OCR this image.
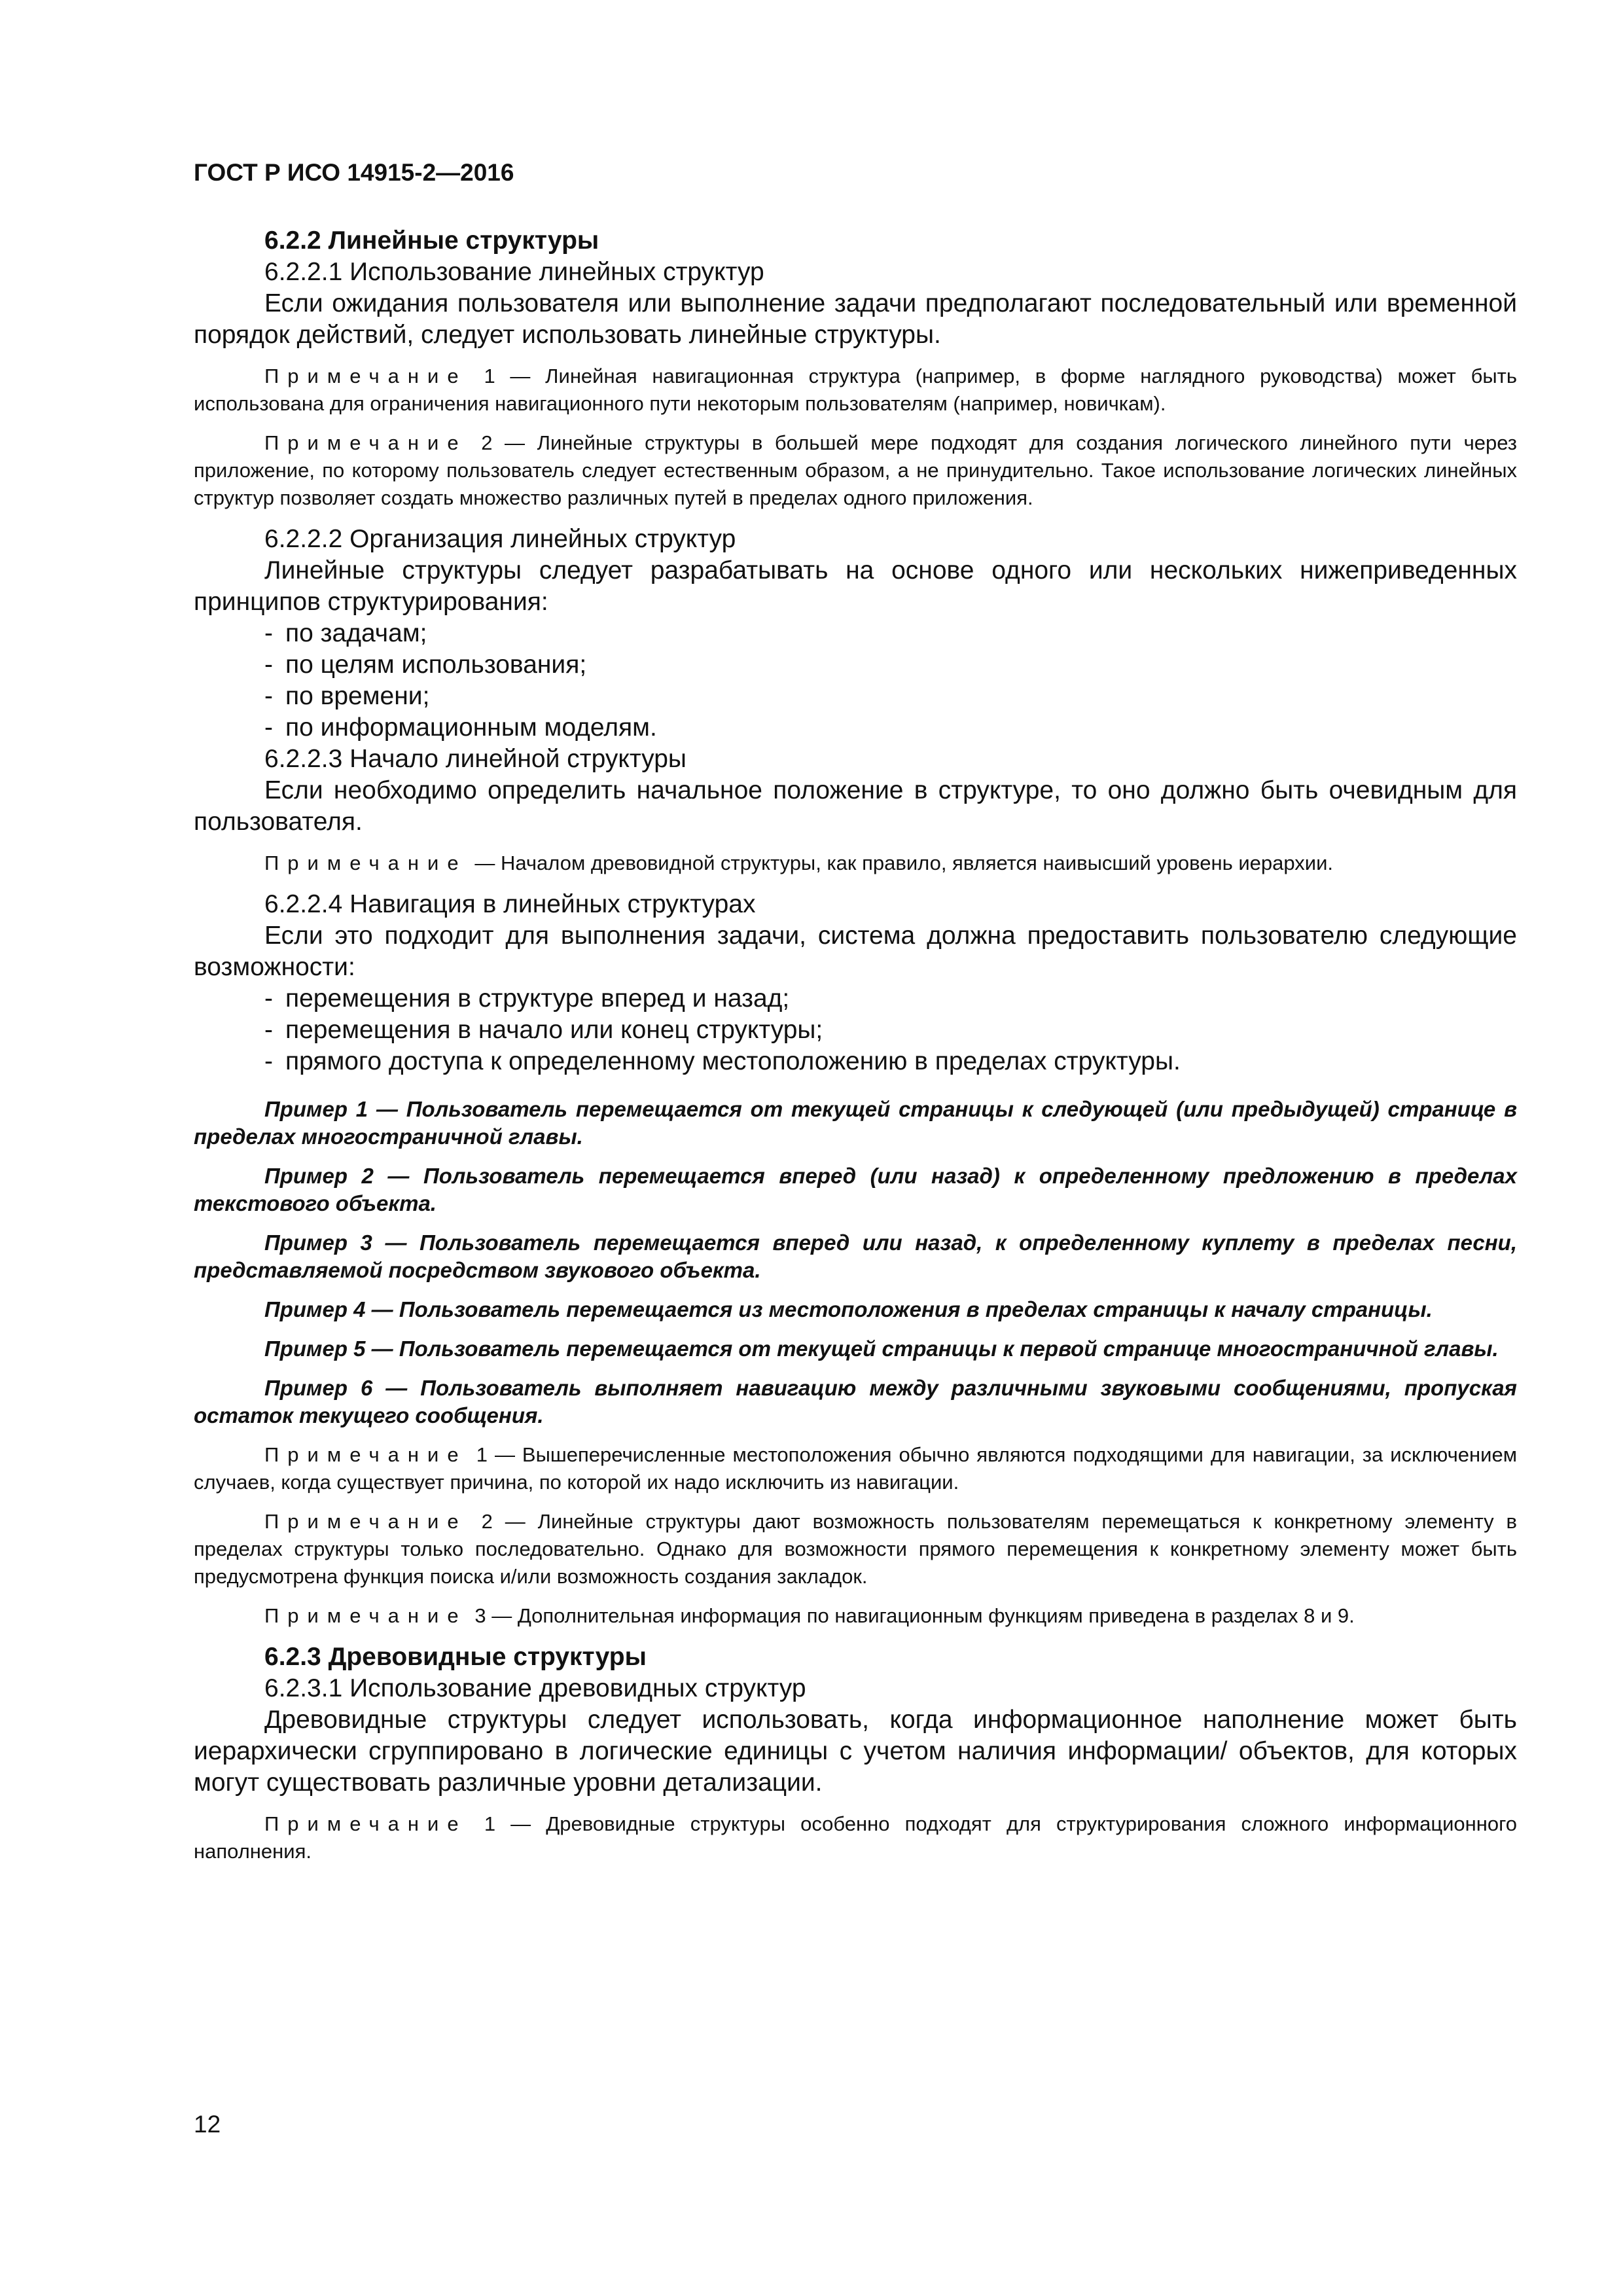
ГОСТ Р ИСО 14915-2—2016
6.2.2 Линейные структуры
6.2.2.1 Использование линейных структур
Если ожидания пользователя или выполнение задачи предполагают последовательный или временной порядок действий, следует использовать линейные структуры.
Примечание 1 — Линейная навигационная структура (например, в форме наглядного руководства) может быть использована для ограничения навигационного пути некоторым пользователям (например, новичкам).
Примечание 2 — Линейные структуры в большей мере подходят для создания логического линейного пути через приложение, по которому пользователь следует естественным образом, а не принудительно. Такое использование логических линейных структур позволяет создать множество различных путей в пределах одного приложения.
6.2.2.2 Организация линейных структур
Линейные структуры следует разрабатывать на основе одного или нескольких нижеприведенных принципов структурирования:
- по задачам;
- по целям использования;
- по времени;
- по информационным моделям.
6.2.2.3 Начало линейной структуры
Если необходимо определить начальное положение в структуре, то оно должно быть очевидным для пользователя.
Примечание — Началом древовидной структуры, как правило, является наивысший уровень иерархии.
6.2.2.4 Навигация в линейных структурах
Если это подходит для выполнения задачи, система должна предоставить пользователю следующие возможности:
- перемещения в структуре вперед и назад;
- перемещения в начало или конец структуры;
- прямого доступа к определенному местоположению в пределах структуры.
Пример 1 — Пользователь перемещается от текущей страницы к следующей (или предыдущей) странице в пределах многостраничной главы.
Пример 2 — Пользователь перемещается вперед (или назад) к определенному предложению в пределах текстового объекта.
Пример 3 — Пользователь перемещается вперед или назад, к определенному куплету в пределах песни, представляемой посредством звукового объекта.
Пример 4 — Пользователь перемещается из местоположения в пределах страницы к началу страницы.
Пример 5 — Пользователь перемещается от текущей страницы к первой странице многостраничной главы.
Пример 6 — Пользователь выполняет навигацию между различными звуковыми сообщениями, пропуская остаток текущего сообщения.
Примечание 1 — Вышеперечисленные местоположения обычно являются подходящими для навигации, за исключением случаев, когда существует причина, по которой их надо исключить из навигации.
Примечание 2 — Линейные структуры дают возможность пользователям перемещаться к конкретному элементу в пределах структуры только последовательно. Однако для возможности прямого перемещения к конкретному элементу может быть предусмотрена функция поиска и/или возможность создания закладок.
Примечание 3 — Дополнительная информация по навигационным функциям приведена в разделах 8 и 9.
6.2.3 Древовидные структуры
6.2.3.1 Использование древовидных структур
Древовидные структуры следует использовать, когда информационное наполнение может быть иерархически сгруппировано в логические единицы с учетом наличия информации/ объектов, для которых могут существовать различные уровни детализации.
Примечание 1 — Древовидные структуры особенно подходят для структурирования сложного информационного наполнения.
12
